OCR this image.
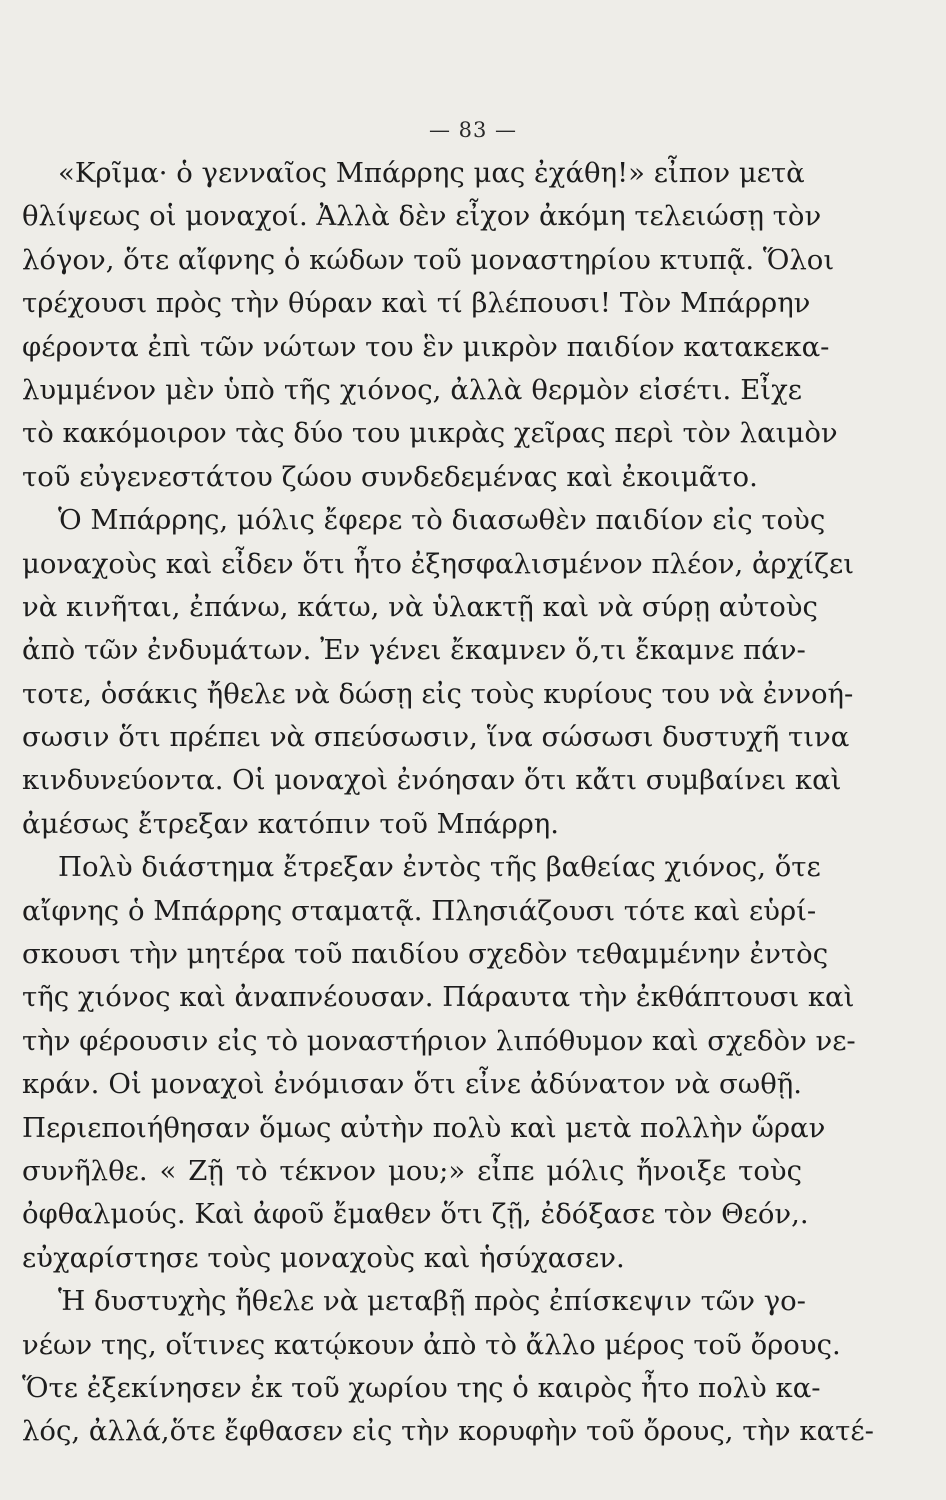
— 83 —
«Κρῖμα· ὁ γενναῖος Μπάρρης μας ἐχάθη!» εἶπον μετὰ
θλίψεως οἱ μοναχοί. Ἀλλὰ δὲν εἶχον ἀκόμη τελειώσῃ τὸν
λόγον, ὅτε αἴφνης ὁ κώδων τοῦ μοναστηρίου κτυπᾷ. Ὅλοι
τρέχουσι πρὸς τὴν θύραν καὶ τί βλέπουσι! Τὸν Μπάρρην
φέροντα ἐπὶ τῶν νώτων του ἓν μικρὸν παιδίον κατακεκα-
λυμμένον μὲν ὑπὸ τῆς χιόνος, ἀλλὰ θερμὸν εἰσέτι. Εἶχε
τὸ κακόμοιρον τὰς δύο του μικρὰς χεῖρας περὶ τὸν λαιμὸν
τοῦ εὐγενεστάτου ζώου συνδεδεμένας καὶ ἐκοιμᾶτο.
Ὁ Μπάρρης, μόλις ἔφερε τὸ διασωθὲν παιδίον εἰς τοὺς
μοναχοὺς καὶ εἶδεν ὅτι ἦτο ἐξησφαλισμένον πλέον, ἀρχίζει
νὰ κινῆται, ἐπάνω, κάτω, νὰ ὑλακτῇ καὶ νὰ σύρῃ αὐτοὺς
ἀπὸ τῶν ἐνδυμάτων. Ἐν γένει ἔκαμνεν ὅ,τι ἔκαμνε πάν-
τοτε, ὁσάκις ἤθελε νὰ δώσῃ εἰς τοὺς κυρίους του νὰ ἐννοή-
σωσιν ὅτι πρέπει νὰ σπεύσωσιν, ἵνα σώσωσι δυστυχῆ τινα
κινδυνεύοντα. Οἱ μοναχοὶ ἐνόησαν ὅτι κἄτι συμβαίνει καὶ
ἀμέσως ἔτρεξαν κατόπιν τοῦ Μπάρρη.
Πολὺ διάστημα ἔτρεξαν ἐντὸς τῆς βαθείας χιόνος, ὅτε
αἴφνης ὁ Μπάρρης σταματᾷ. Πλησιάζουσι τότε καὶ εὑρί-
σκουσι τὴν μητέρα τοῦ παιδίου σχεδὸν τεθαμμένην ἐντὸς
τῆς χιόνος καὶ ἀναπνέουσαν. Πάραυτα τὴν ἐκθάπτουσι καὶ
τὴν φέρουσιν εἰς τὸ μοναστήριον λιπόθυμον καὶ σχεδὸν νε-
κράν. Οἱ μοναχοὶ ἐνόμισαν ὅτι εἶνε ἀδύνατον νὰ σωθῇ.
Περιεποιήθησαν ὅμως αὐτὴν πολὺ καὶ μετὰ πολλὴν ὥραν
συνῆλθε. « Ζῇ τὸ τέκνον μου;» εἶπε μόλις ἤνοιξε τοὺς
ὀφθαλμούς. Καὶ ἀφοῦ ἔμαθεν ὅτι ζῇ, ἐδόξασε τὸν Θεόν,.
εὐχαρίστησε τοὺς μοναχοὺς καὶ ἡσύχασεν.
Ἡ δυστυχὴς ἤθελε νὰ μεταβῇ πρὸς ἐπίσκεψιν τῶν γο-
νέων της, οἵτινες κατῴκουν ἀπὸ τὸ ἄλλο μέρος τοῦ ὄρους.
Ὅτε ἐξεκίνησεν ἐκ τοῦ χωρίου της ὁ καιρὸς ἦτο πολὺ κα-
λός, ἀλλά,ὅτε ἔφθασεν εἰς τὴν κορυφὴν τοῦ ὄρους, τὴν κατέ-
